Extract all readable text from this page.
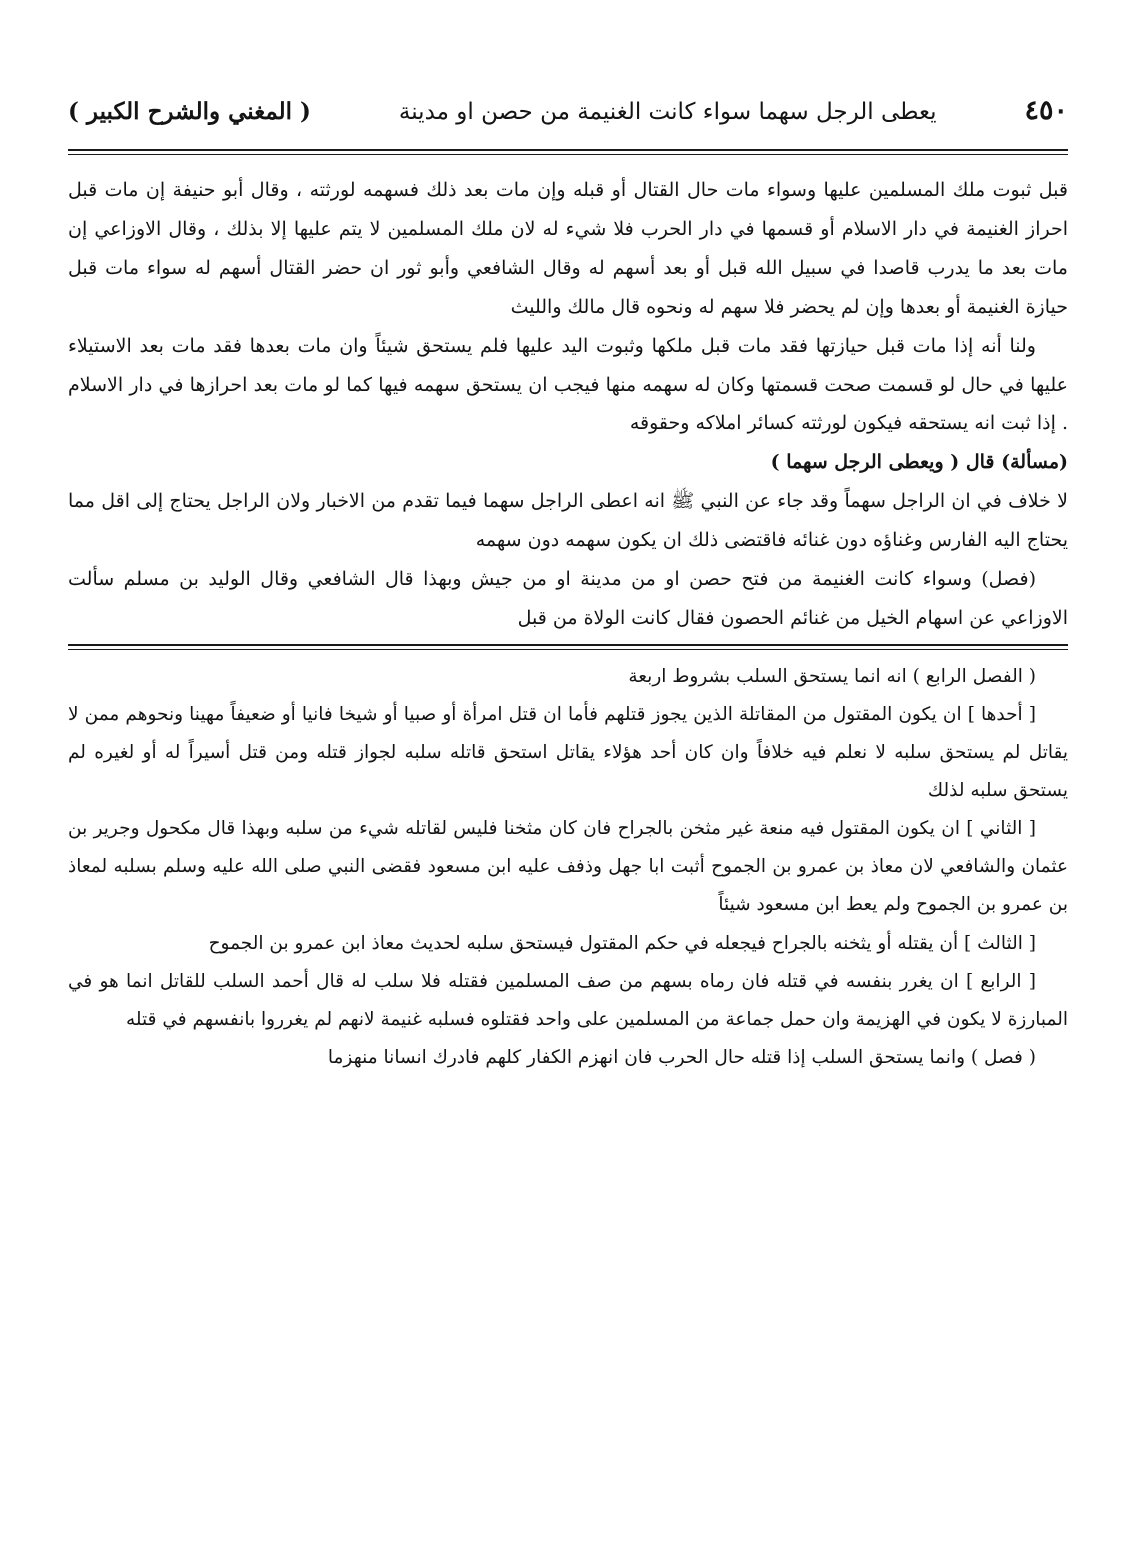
٤٥٠
يعطى الرجل سهما سواء كانت الغنيمة من حصن او مدينة
( المغني والشرح الكبير )

قبل ثبوت ملك المسلمين عليها وسواء مات حال القتال أو قبله وإن مات بعد ذلك فسهمه لورثته ، وقال أبو حنيفة إن مات قبل احراز الغنيمة في دار الاسلام أو قسمها في دار الحرب فلا شيء له لان ملك المسلمين لا يتم عليها إلا بذلك ، وقال الاوزاعي إن مات بعد ما يدرب قاصدا في سبيل الله قبل أو بعد أسهم له وقال الشافعي وأبو ثور ان حضر القتال أسهم له سواء مات قبل حيازة الغنيمة أو بعدها وإن لم يحضر فلا سهم له ونحوه قال مالك والليث

ولنا أنه إذا مات قبل حيازتها فقد مات قبل ملكها وثبوت اليد عليها فلم يستحق شيئاً وان مات بعدها فقد مات بعد الاستيلاء عليها في حال لو قسمت صحت قسمتها وكان له سهمه منها فيجب ان يستحق سهمه فيها كما لو مات بعد احرازها في دار الاسلام . إذا ثبت انه يستحقه فيكون لورثته كسائر املاكه وحقوقه

(مسألة) قال ( ويعطى الرجل سهما )

لا خلاف في ان الراجل سهماً وقد جاء عن النبي ﷺ انه اعطى الراجل سهما فيما تقدم من الاخبار ولان الراجل يحتاج إلى اقل مما يحتاج اليه الفارس وغناؤه دون غنائه فاقتضى ذلك ان يكون سهمه دون سهمه

(فصل) وسواء كانت الغنيمة من فتح حصن او من مدينة او من جيش وبهذا قال الشافعي وقال الوليد بن مسلم سألت الاوزاعي عن اسهام الخيل من غنائم الحصون فقال كانت الولاة من قبل

( الفصل الرابع ) انه انما يستحق السلب بشروط اربعة

[ أحدها ] ان يكون المقتول من المقاتلة الذين يجوز قتلهم فأما ان قتل امرأة أو صبيا أو شيخا فانيا أو ضعيفاً مهينا ونحوهم ممن لا يقاتل لم يستحق سلبه لا نعلم فيه خلافاً وان كان أحد هؤلاء يقاتل استحق قاتله سلبه لجواز قتله ومن قتل أسيراً له أو لغيره لم يستحق سلبه لذلك

[ الثاني ] ان يكون المقتول فيه منعة غير مثخن بالجراح فان كان مثخنا فليس لقاتله شيء من سلبه وبهذا قال مكحول وجرير بن عثمان والشافعي لان معاذ بن عمرو بن الجموح أثبت ابا جهل وذفف عليه ابن مسعود فقضى النبي صلى الله عليه وسلم بسلبه لمعاذ بن عمرو بن الجموح ولم يعط ابن مسعود شيئاً

[ الثالث ] أن يقتله أو يثخنه بالجراح فيجعله في حكم المقتول فيستحق سلبه لحديث معاذ ابن عمرو بن الجموح

[ الرابع ] ان يغرر بنفسه في قتله فان رماه بسهم من صف المسلمين فقتله فلا سلب له قال أحمد السلب للقاتل انما هو في المبارزة لا يكون في الهزيمة وان حمل جماعة من المسلمين على واحد فقتلوه فسلبه غنيمة لانهم لم يغرروا بانفسهم في قتله

( فصل ) وانما يستحق السلب إذا قتله حال الحرب فان انهزم الكفار كلهم فادرك انسانا منهزما
